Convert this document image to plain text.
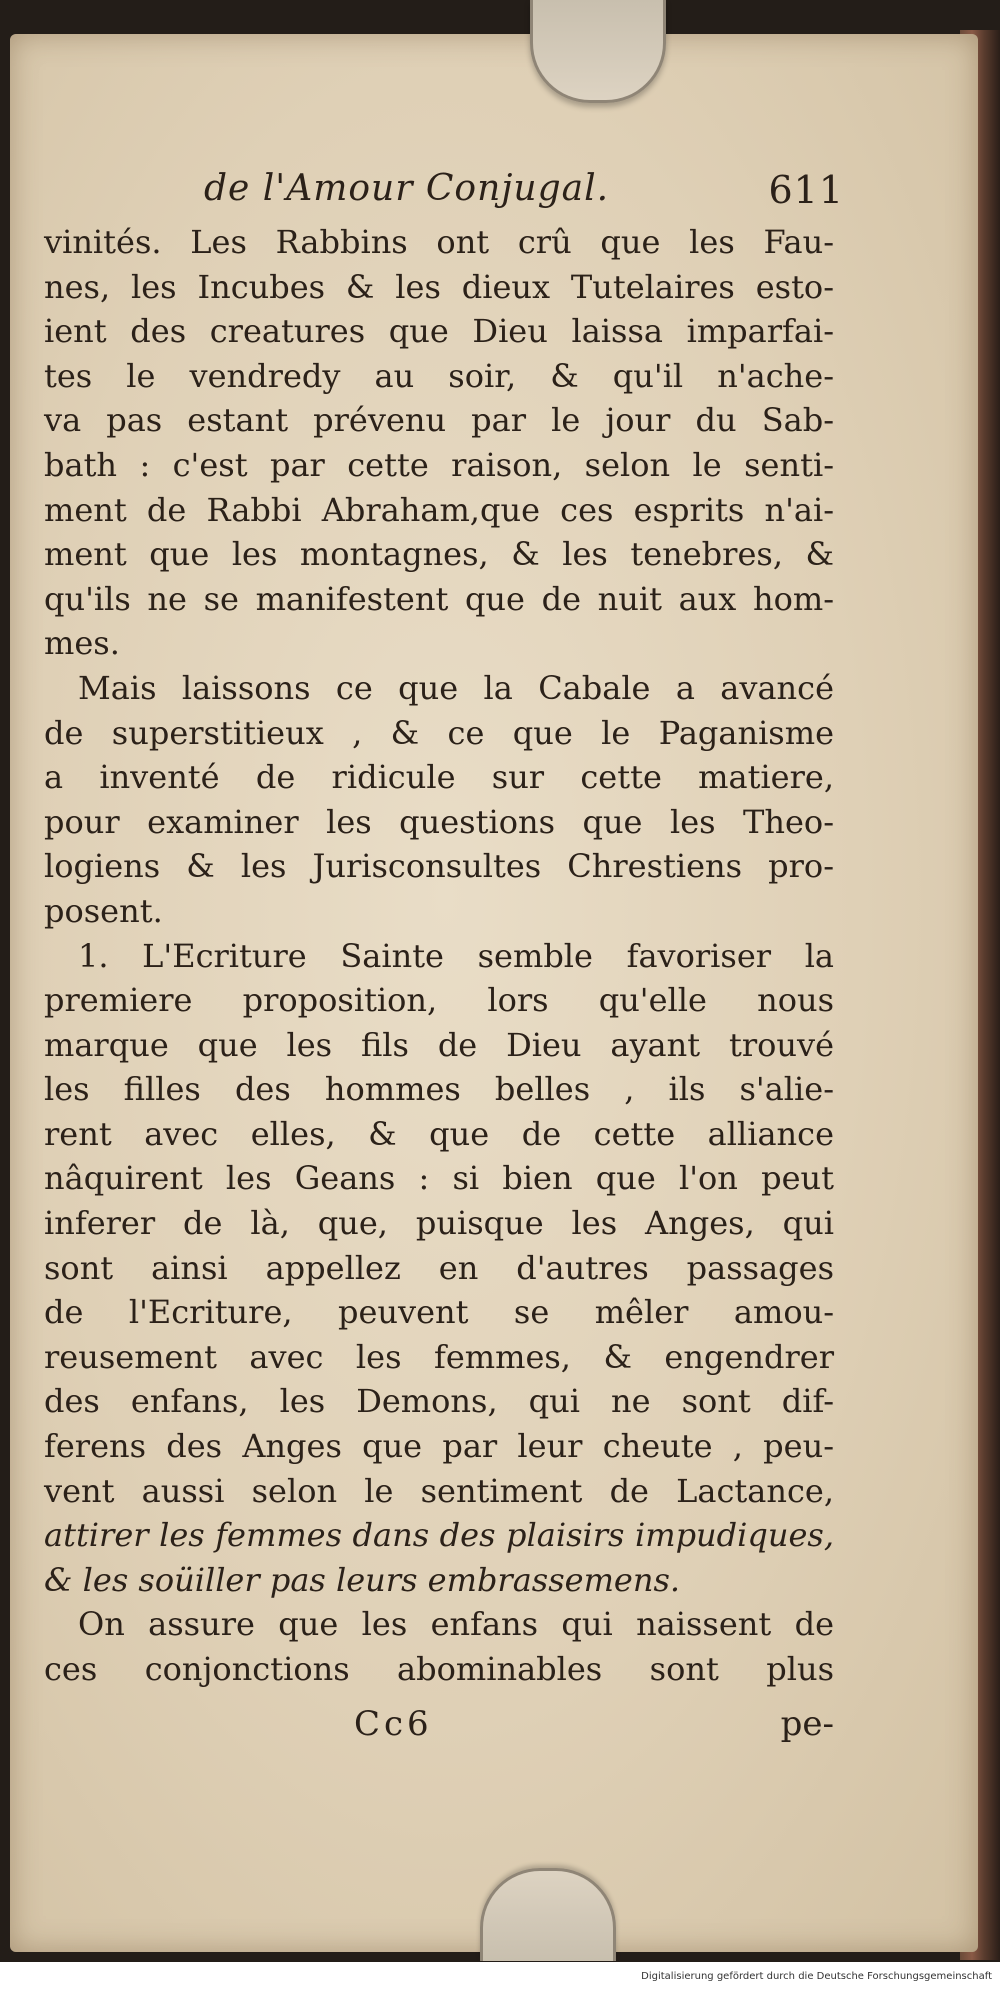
de l'Amour Conjugal.	611
vinités. Les Rabbins ont crû que les Fau-
nes, les Incubes & les dieux Tutelaires esto-
ient des creatures que Dieu laissa imparfai-
tes le vendredy au soir, & qu'il n'ache-
va pas estant prévenu par le jour du Sab-
bath : c'est par cette raison, selon le senti-
ment de Rabbi Abraham,que ces esprits n'ai-
ment que les montagnes, & les tenebres, &
qu'ils ne se manifestent que de nuit aux hom-
mes.
Mais laissons ce que la Cabale a avancé
de superstitieux , & ce que le Paganisme
a inventé de ridicule sur cette matiere,
pour examiner les questions que les Theo-
logiens & les Jurisconsultes Chrestiens pro-
posent.
1. L'Ecriture Sainte semble favoriser la
premiere proposition, lors qu'elle nous
marque que les fils de Dieu ayant trouvé
les filles des hommes belles , ils s'alie-
rent avec elles, & que de cette alliance
nâquirent les Geans : si bien que l'on peut
inferer de là, que, puisque les Anges, qui
sont ainsi appellez en d'autres passages
de l'Ecriture, peuvent se mêler amou-
reusement avec les femmes, & engendrer
des enfans, les Demons, qui ne sont dif-
ferens des Anges que par leur cheute , peu-
vent aussi selon le sentiment de Lactance,
attirer les femmes dans des plaisirs impudiques,
& les soüiller pas leurs embrassemens.
On assure que les enfans qui naissent de
ces conjonctions abominables sont plus
Cc6	pe-
Digitalisierung gefördert durch die Deutsche Forschungsgemeinschaft
